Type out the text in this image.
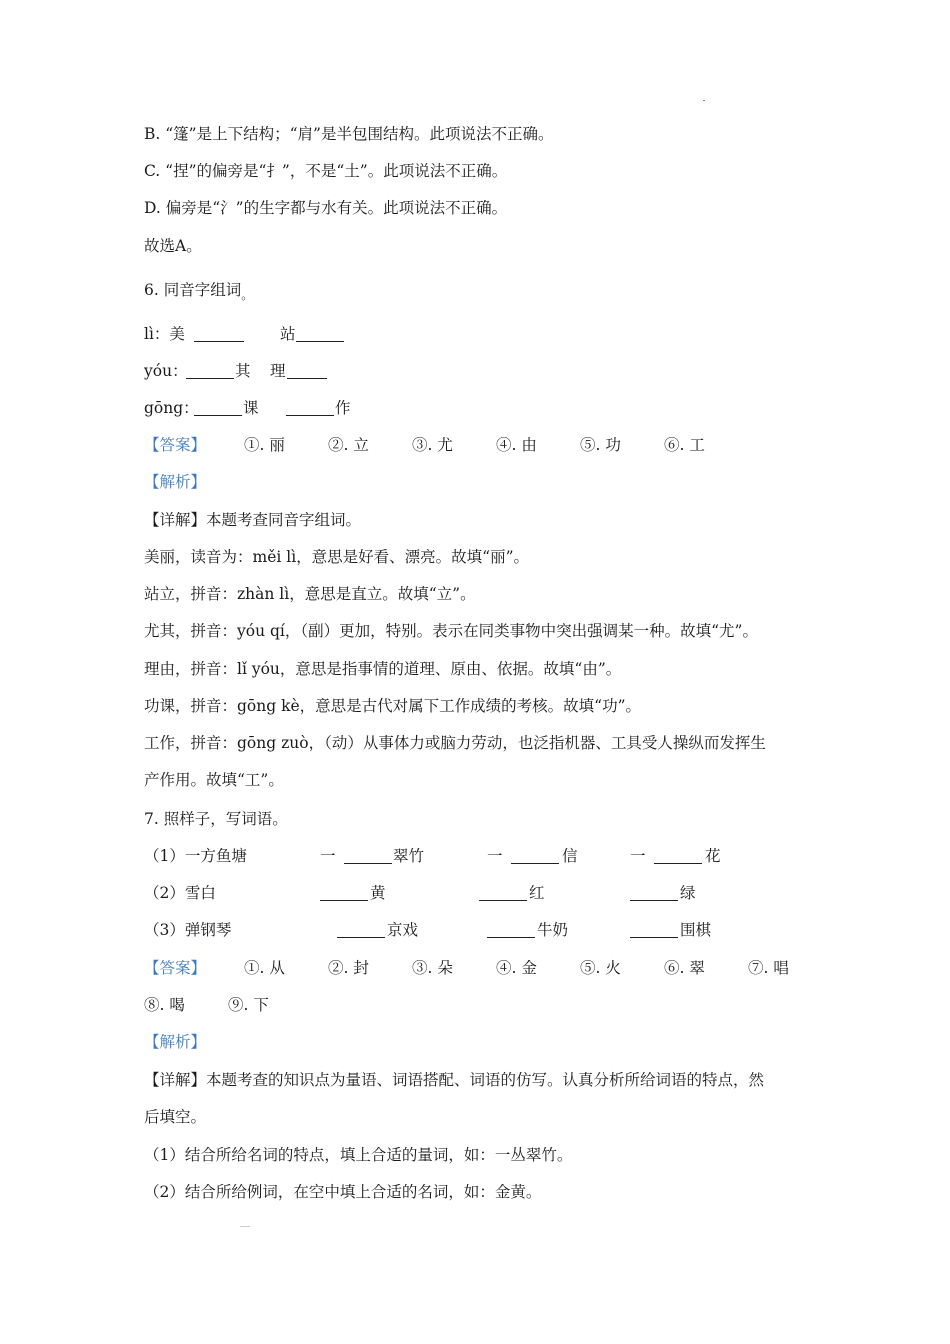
B. “篷”是上下结构；“肩”是半包围结构。此项说法不正确。
C. “捏”的偏旁是“扌”，不是“土”。此项说法不正确。
D. 偏旁是“氵”的生字都与水有关。此项说法不正确。
故选A。
6. 同音字组词$_。$
lì：美	站
yóu：	其 理
gōng：	课	作
【答案】 ①. 丽	②. 立	③. 尤	④. 由	⑤. 功	⑥. 工
【解析】
【详解】本题考查同音字组词。
美丽，读音为：měi lì，意思是好看、漂亮。故填“丽”。
站立，拼音：zhàn lì，意思是直立。故填“立”。
尤其，拼音：yóu qí，（副）更加，特别。表示在同类事物中突出强调某一种。故填“尤”。
理由，拼音：lǐ yóu，意思是指事情的道理、原由、依据。故填“由”。
功课，拼音：gōng kè，意思是古代对属下工作成绩的考核。故填“功”。
工作，拼音：gōng zuò，（动）从事体力或脑力劳动，也泛指机器、工具受人操纵而发挥生
产作用。故填“工”。
7. 照样子，写词语。
（1）一方鱼塘	一	翠竹	一	信	一	花
（2）雪白	黄	红	绿
（3）弹钢琴	京戏	牛奶	围棋
【答案】 ①. 从	②. 封	③. 朵	④. 金	⑤. 火	⑥. 翠	⑦. 唱
⑧. 喝	⑨. 下
【解析】
【详解】本题考查的知识点为量语、词语搭配、词语的仿写。认真分析所给词语的特点，然
后填空。
（1）结合所给名词的特点，填上合适的量词，如：一丛翠竹。
（2）结合所给例词，在空中填上合适的名词，如：金黄。
